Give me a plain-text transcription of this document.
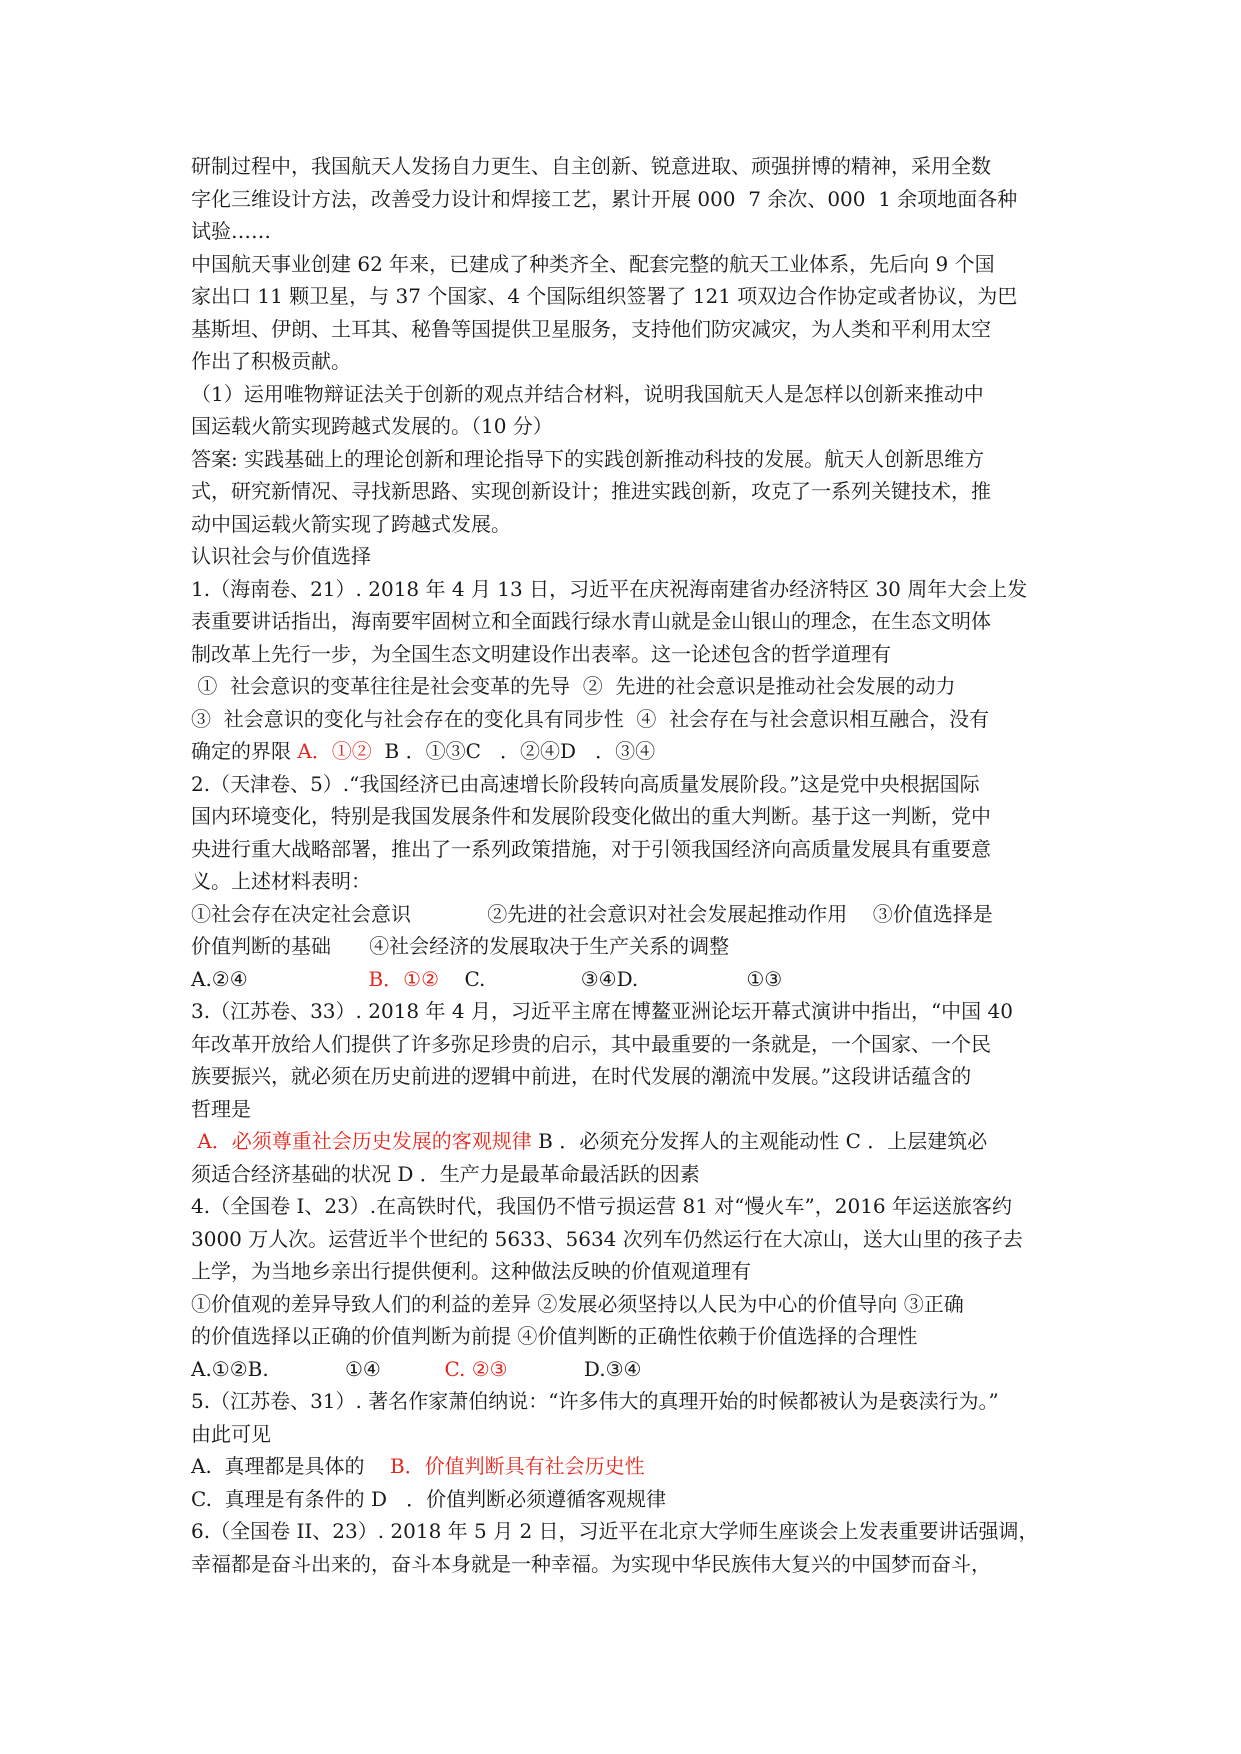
研制过程中，我国航天人发扬自力更生、自主创新、锐意进取、顽强拼博的精神，采用全数
字化三维设计方法，改善受力设计和焊接工艺，累计开展 000  7 余次、000  1 余项地面各种
试验……
中国航天事业创建 62 年来，已建成了种类齐全、配套完整的航天工业体系，先后向 9 个国
家出口 11 颗卫星，与 37 个国家、4 个国际组织签署了 121 项双边合作协定或者协议，为巴
基斯坦、伊朗、土耳其、秘鲁等国提供卫星服务，支持他们防灾减灾，为人类和平利用太空
作出了积极贡献。
（1）运用唯物辩证法关于创新的观点并结合材料，说明我国航天人是怎样以创新来推动中
国运载火箭实现跨越式发展的。（10 分）
答案: 实践基础上的理论创新和理论指导下的实践创新推动科技的发展。航天人创新思维方
式，研究新情况、寻找新思路、实现创新设计；推进实践创新，攻克了一系列关键技术，推
动中国运载火箭实现了跨越式发展。
认识社会与价值选择
1.（海南卷、21）. 2018 年 4 月 13 日，习近平在庆祝海南建省办经济特区 30 周年大会上发
表重要讲话指出，海南要牢固树立和全面践行绿水青山就是金山银山的理念，在生态文明体
制改革上先行一步，为全国生态文明建设作出表率。这一论述包含的哲学道理有
①  社会意识的变革往往是社会变革的先导  ②  先进的社会意识是推动社会发展的动力
③  社会意识的变化与社会存在的变化具有同步性  ④  社会存在与社会意识相互融合，没有
确定的界限 A．①②  B ．①③C   ．②④D   ．③④
2.（天津卷、5）.“我国经济已由高速增长阶段转向高质量发展阶段。”这是党中央根据国际
国内环境变化，特别是我国发展条件和发展阶段变化做出的重大判断。基于这一判断，党中
央进行重大战略部署，推出了一系列政策措施，对于引领我国经济向高质量发展具有重要意
义。上述材料表明：
①社会存在决定社会意识            ②先进的社会意识对社会发展起推动作用    ③价值选择是
价值判断的基础      ④社会经济的发展取决于生产关系的调整
A.②④                   B．①②    C.               ③④D.                 ①③
3.（江苏卷、33）. 2018 年 4 月，习近平主席在博鳌亚洲论坛开幕式演讲中指出，“中国 40
年改革开放给人们提供了许多弥足珍贵的启示，其中最重要的一条就是，一个国家、一个民
族要振兴，就必须在历史前进的逻辑中前进，在时代发展的潮流中发展。”这段讲话蕴含的
哲理是
A．必须尊重社会历史发展的客观规律 B ．必须充分发挥人的主观能动性 C ．上层建筑必
须适合经济基础的状况 D ．生产力是最革命最活跃的因素
4.（全国卷 I、23）.在高铁时代，我国仍不惜亏损运营 81 对“慢火车”，2016 年运送旅客约
3000 万人次。运营近半个世纪的 5633、5634 次列车仍然运行在大凉山，送大山里的孩子去
上学，为当地乡亲出行提供便利。这种做法反映的价值观道理有
①价值观的差异导致人们的利益的差异 ②发展必须坚持以人民为中心的价值导向 ③正确
的价值选择以正确的价值判断为前提 ④价值判断的正确性依赖于价值选择的合理性
A.①②B.            ①④          C. ②③            D.③④
5.（江苏卷、31）. 著名作家萧伯纳说：“许多伟大的真理开始的时候都被认为是亵渎行为。”
由此可见
A.  真理都是具体的    B．价值判断具有社会历史性
C.  真理是有条件的 D   ．价值判断必须遵循客观规律
6.（全国卷 II、23）. 2018 年 5 月 2 日，习近平在北京大学师生座谈会上发表重要讲话强调，
幸福都是奋斗出来的，奋斗本身就是一种幸福。为实现中华民族伟大复兴的中国梦而奋斗，
